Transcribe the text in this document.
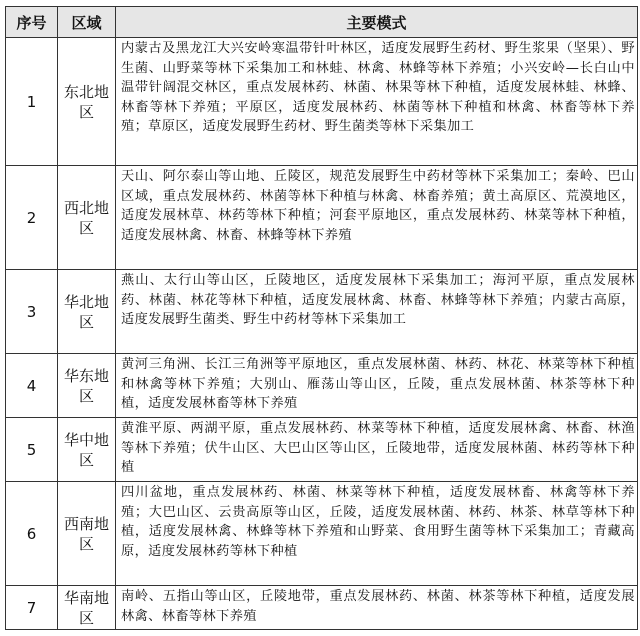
序号	区域	主要模式
1	东北地区	内蒙古及黑龙江大兴安岭寒温带针叶林区，适度发展野生药材、野生浆果（坚果）、野生菌、山野菜等林下采集加工和林蛙、林禽、林蜂等林下养殖；小兴安岭—长白山中温带针阔混交林区，重点发展林药、林菌、林果等林下种植，适度发展林蛙、林蜂、林畜等林下养殖；平原区，适度发展林药、林菌等林下种植和林禽、林畜等林下养殖；草原区，适度发展野生药材、野生菌类等林下采集加工
2	西北地区	天山、阿尔泰山等山地、丘陵区，规范发展野生中药材等林下采集加工；秦岭、巴山区域，重点发展林药、林菌等林下种植与林禽、林畜养殖；黄土高原区、荒漠地区，适度发展林草、林药等林下种植；河套平原地区，重点发展林药、林菜等林下种植，适度发展林禽、林畜、林蜂等林下养殖
3	华北地区	燕山、太行山等山区，丘陵地区，适度发展林下采集加工；海河平原，重点发展林药、林菌、林花等林下种植，适度发展林禽、林畜、林蜂等林下养殖；内蒙古高原，适度发展野生菌类、野生中药材等林下采集加工
4	华东地区	黄河三角洲、长江三角洲等平原地区，重点发展林菌、林药、林花、林菜等林下种植和林禽等林下养殖；大别山、雁荡山等山区，丘陵，重点发展林菌、林茶等林下种植，适度发展林畜等林下养殖
5	华中地区	黄淮平原、两湖平原，重点发展林药、林菜等林下种植，适度发展林禽、林畜、林渔等林下养殖；伏牛山区、大巴山区等山区，丘陵地带，适度发展林菌、林药等林下种植
6	西南地区	四川盆地，重点发展林药、林菌、林菜等林下种植，适度发展林畜、林禽等林下养殖；大巴山区、云贵高原等山区，丘陵，适度发展林菌、林药、林茶、林草等林下种植，适度发展林禽、林蜂等林下养殖和山野菜、食用野生菌等林下采集加工；青藏高原，适度发展林药等林下种植
7	华南地区	南岭、五指山等山区，丘陵地带，重点发展林药、林菌、林茶等林下种植，适度发展林禽、林畜等林下养殖
